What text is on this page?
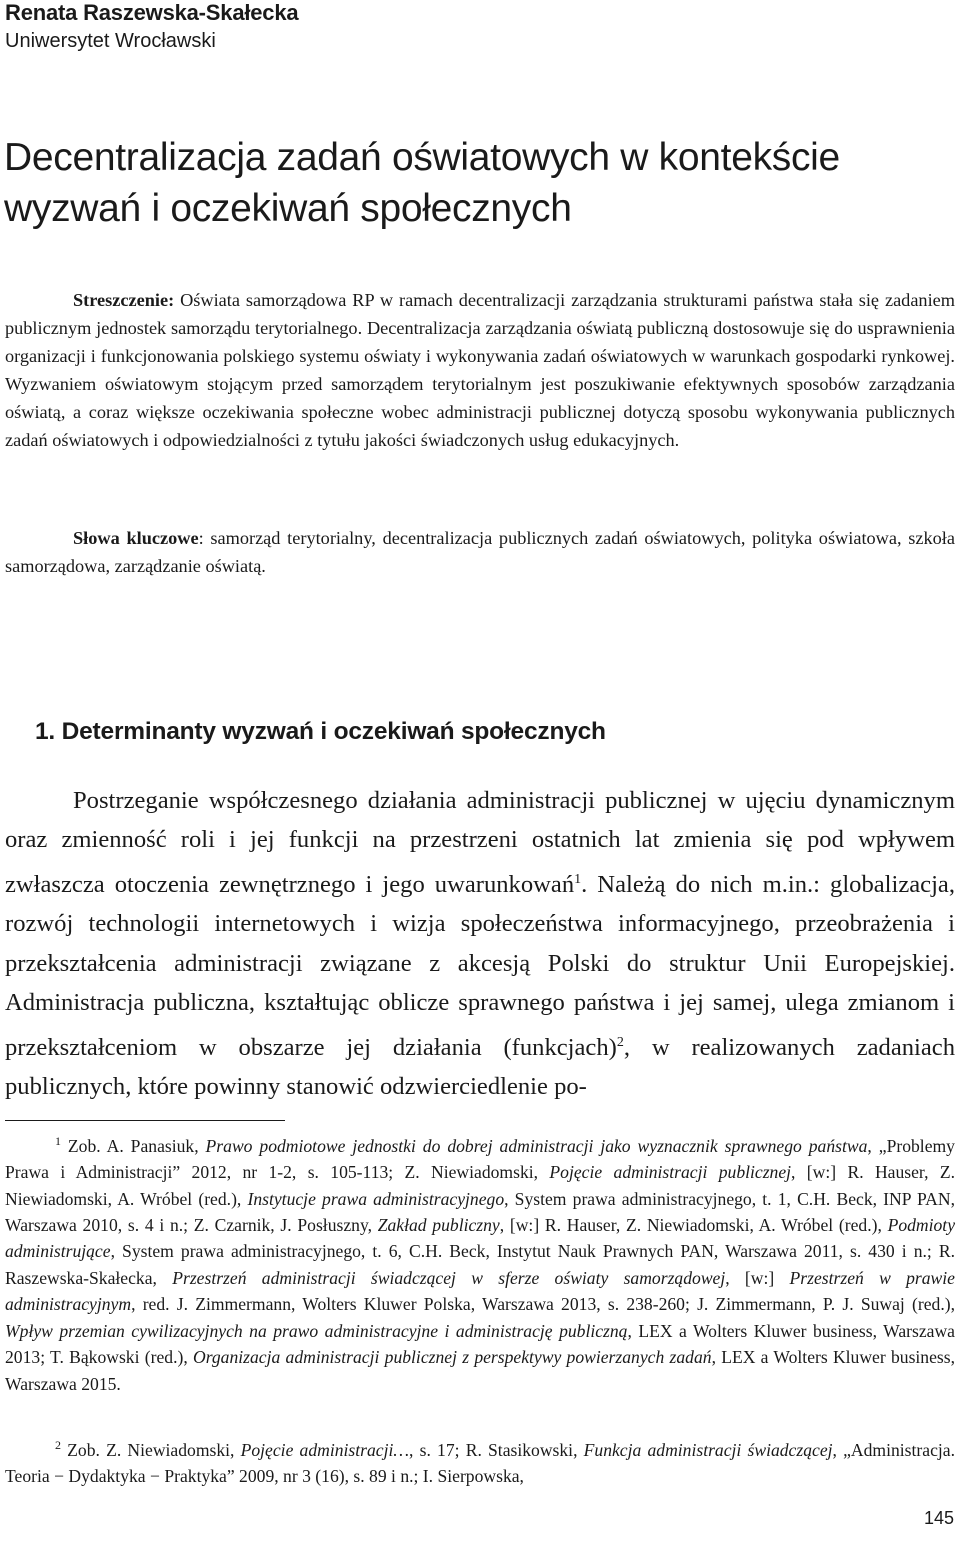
Renata Raszewska-Skałecka
Uniwersytet Wrocławski
Decentralizacja zadań oświatowych w kontekście
wyzwań i oczekiwań społecznych

Streszczenie: Oświata samorządowa RP w ramach decentralizacji zarządzania strukturami państwa stała się zadaniem publicznym jednostek samorządu terytorialnego. Decentralizacja zarządzania oświatą publiczną dostosowuje się do usprawnienia organizacji i funkcjonowania polskiego systemu oświaty i wykonywania zadań oświatowych w warunkach gospodarki rynkowej. Wyzwaniem oświatowym stojącym przed samorządem terytorialnym jest poszukiwanie efektywnych sposobów zarządzania oświatą, a coraz większe oczekiwania społeczne wobec administracji publicznej dotyczą sposobu wykonywania publicznych zadań oświatowych i odpowiedzialności z tytułu jakości świadczonych usług edukacyjnych.

Słowa kluczowe: samorząd terytorialny, decentralizacja publicznych zadań oświatowych, polityka oświatowa, szkoła samorządowa, zarządzanie oświatą.

1. Determinanty wyzwań i oczekiwań społecznych

Postrzeganie współczesnego działania administracji publicznej w ujęciu dynamicznym oraz zmienność roli i jej funkcji na przestrzeni ostatnich lat zmienia się pod wpływem zwłaszcza otoczenia zewnętrznego i jego uwarunkowań$^1$. Należą do nich m.in.: globalizacja, rozwój technologii internetowych i wizja społeczeństwa informacyjnego, przeobrażenia i przekształcenia administracji związane z akcesją Polski do struktur Unii Europejskiej. Administracja publiczna, kształtując oblicze sprawnego państwa i jej samej, ulega zmianom i przekształceniom w obszarze jej działania (funkcjach)$^2$, w realizowanych zadaniach publicznych, które powinny stanowić odzwierciedlenie po-

$^1$ Zob. A. Panasiuk, Prawo podmiotowe jednostki do dobrej administracji jako wyznacznik sprawnego państwa, „Problemy Prawa i Administracji” 2012, nr 1-2, s. 105-113; Z. Niewiadomski, Pojęcie administracji publicznej, [w:] R. Hauser, Z. Niewiadomski, A. Wróbel (red.), Instytucje prawa administracyjnego, System prawa administracyjnego, t. 1, C.H. Beck, INP PAN, Warszawa 2010, s. 4 i n.; Z. Czarnik, J. Posłuszny, Zakład publiczny, [w:] R. Hauser, Z. Niewiadomski, A. Wróbel (red.), Podmioty administrujące, System prawa administracyjnego, t. 6, C.H. Beck, Instytut Nauk Prawnych PAN, Warszawa 2011, s. 430 i n.; R. Raszewska-Skałecka, Przestrzeń administracji świadczącej w sferze oświaty samorządowej, [w:] Przestrzeń w prawie administracyjnym, red. J. Zimmermann, Wolters Kluwer Polska, Warszawa 2013, s. 238-260; J. Zimmermann, P. J. Suwaj (red.), Wpływ przemian cywilizacyjnych na prawo administracyjne i administrację publiczną, LEX a Wolters Kluwer business, Warszawa 2013; T. Bąkowski (red.), Organizacja administracji publicznej z perspektywy powierzanych zadań, LEX a Wolters Kluwer business, Warszawa 2015.

$^2$ Zob. Z. Niewiadomski, Pojęcie administracji…, s. 17; R. Stasikowski, Funkcja administracji świadczącej, „Administracja. Teoria − Dydaktyka − Praktyka” 2009, nr 3 (16), s. 89 i n.; I. Sierpowska,

145
